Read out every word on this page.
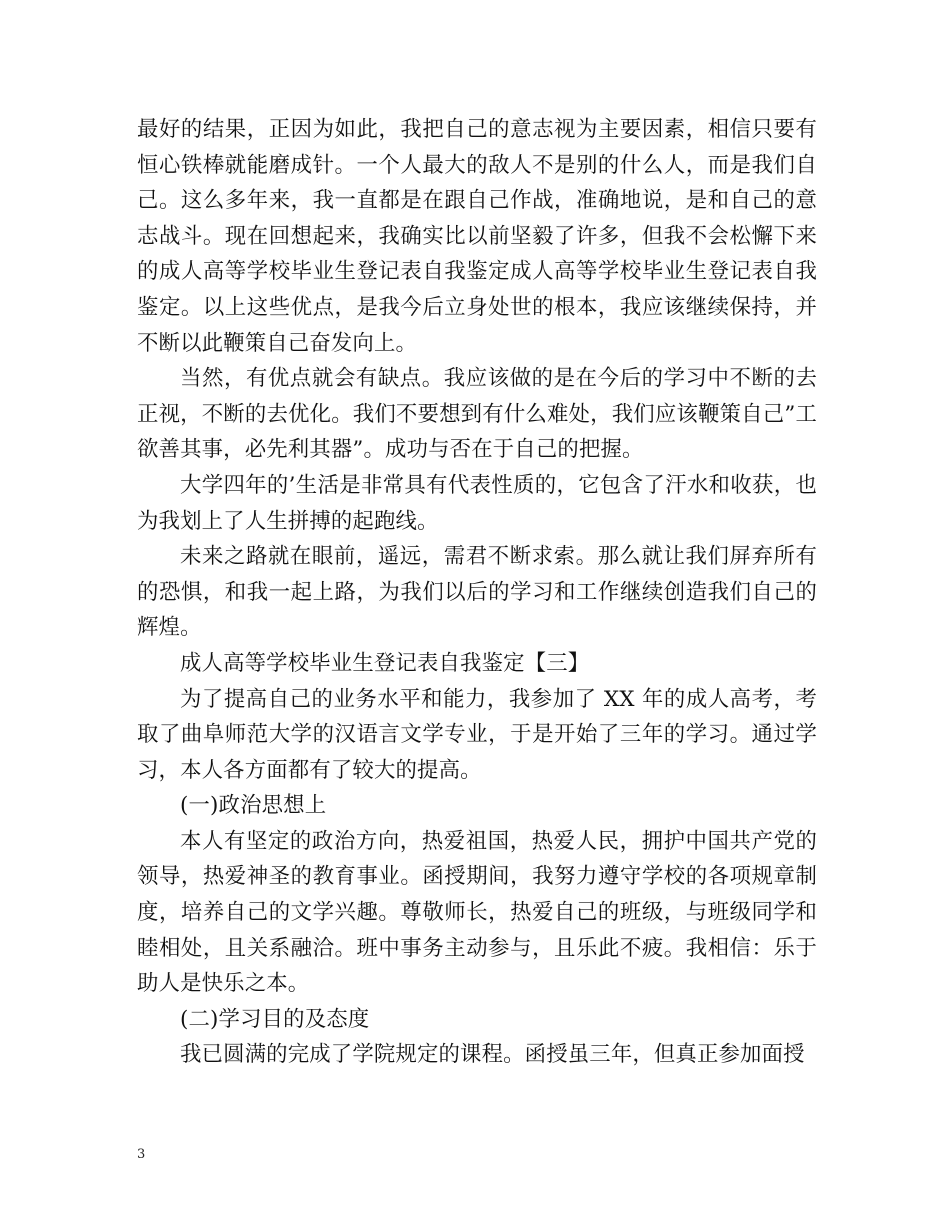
最好的结果，正因为如此，我把自己的意志视为主要因素，相信只要有恒心铁棒就能磨成针。一个人最大的敌人不是别的什么人，而是我们自己。这么多年来，我一直都是在跟自己作战，准确地说，是和自己的意志战斗。现在回想起来，我确实比以前坚毅了许多，但我不会松懈下来的成人高等学校毕业生登记表自我鉴定成人高等学校毕业生登记表自我鉴定。以上这些优点，是我今后立身处世的根本，我应该继续保持，并不断以此鞭策自己奋发向上。

当然，有优点就会有缺点。我应该做的是在今后的学习中不断的去正视，不断的去优化。我们不要想到有什么难处，我们应该鞭策自己”工欲善其事，必先利其器”。成功与否在于自己的把握。

大学四年的’生活是非常具有代表性质的，它包含了汗水和收获，也为我划上了人生拼搏的起跑线。

未来之路就在眼前，遥远，需君不断求索。那么就让我们屏弃所有的恐惧，和我一起上路，为我们以后的学习和工作继续创造我们自己的辉煌。

成人高等学校毕业生登记表自我鉴定【三】

为了提高自己的业务水平和能力，我参加了 XX 年的成人高考，考取了曲阜师范大学的汉语言文学专业，于是开始了三年的学习。通过学习，本人各方面都有了较大的提高。

(一)政治思想上

本人有坚定的政治方向，热爱祖国，热爱人民，拥护中国共产党的领导，热爱神圣的教育事业。函授期间，我努力遵守学校的各项规章制度，培养自己的文学兴趣。尊敬师长，热爱自己的班级，与班级同学和睦相处，且关系融洽。班中事务主动参与，且乐此不疲。我相信：乐于助人是快乐之本。

(二)学习目的及态度

我已圆满的完成了学院规定的课程。函授虽三年，但真正参加面授

3
